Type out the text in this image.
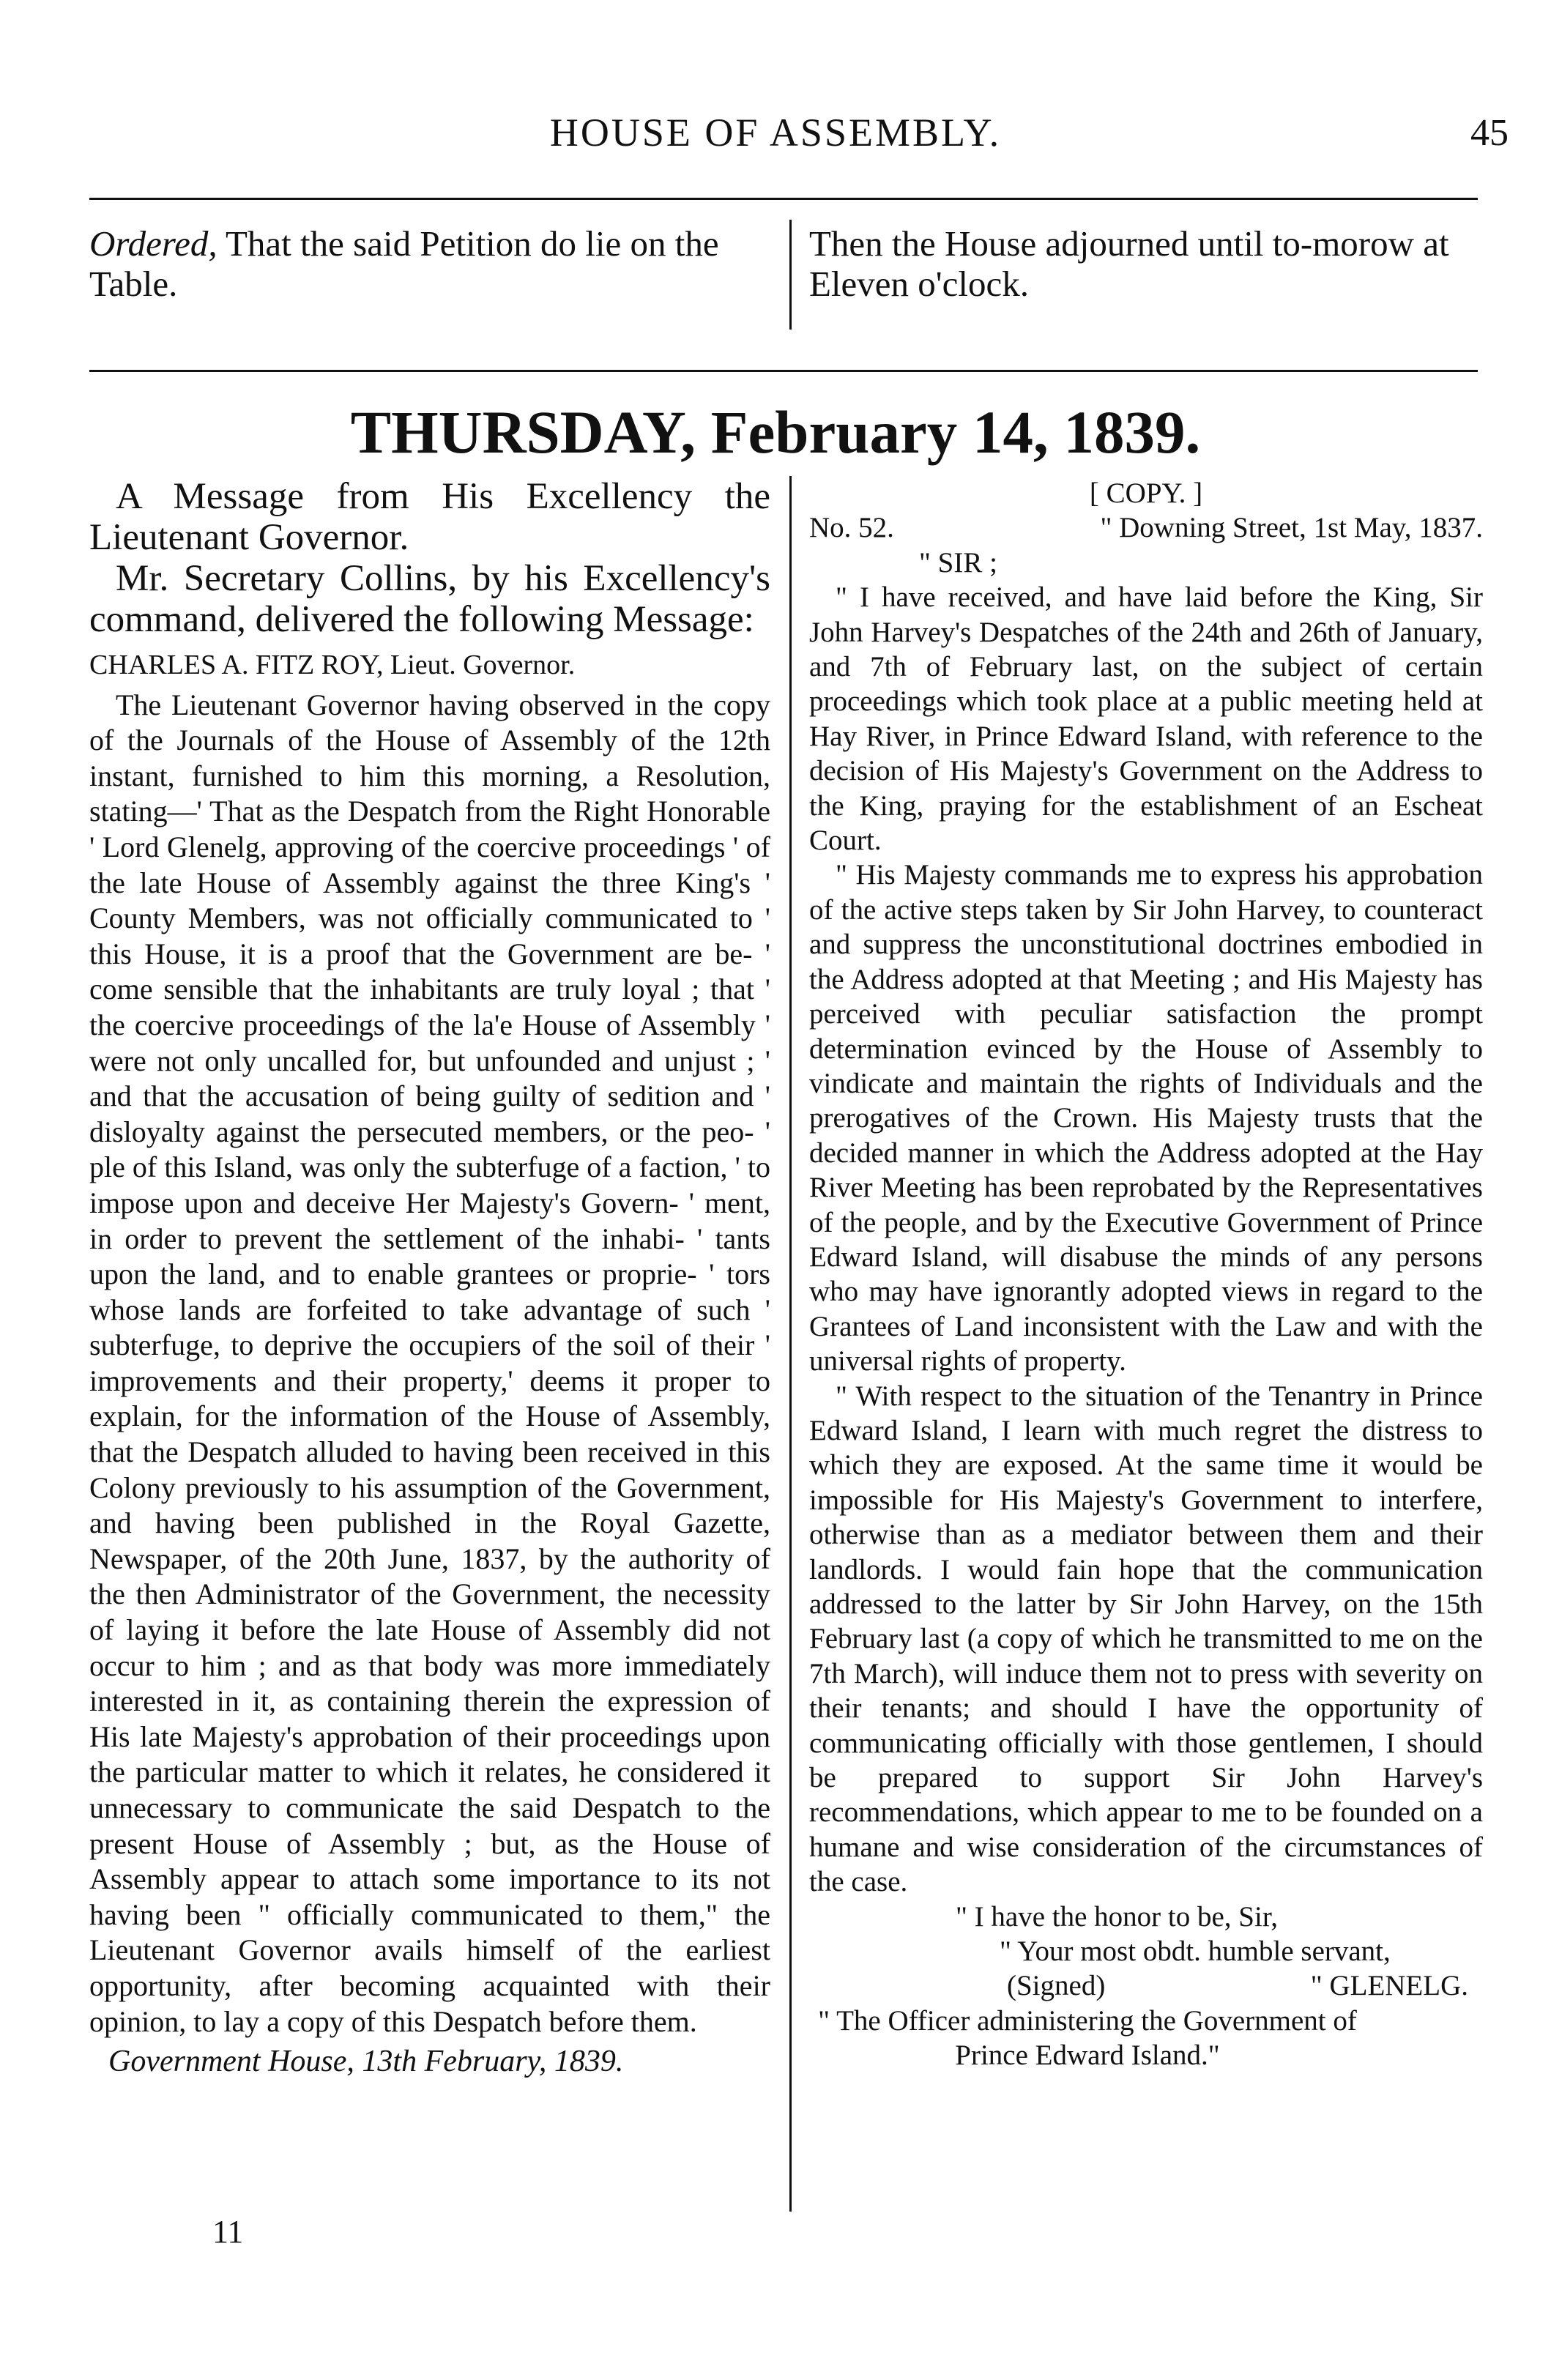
HOUSE OF ASSEMBLY.	45
Ordered, That the said Petition do lie on the Table.
Then the House adjourned until to-morow at Eleven o'clock.
THURSDAY, February 14, 1839.

A Message from His Excellency the Lieutenant Governor.

Mr. Secretary Collins, by his Excellency's command, delivered the following Message:

CHARLES A. FITZ ROY, Lieut. Governor.

The Lieutenant Governor having observed in the copy of the Journals of the House of Assembly of the 12th instant, furnished to him this morning, a Resolution, stating—' That as the Despatch from the Right Honorable ' Lord Glenelg, approving of the coercive proceedings ' of the late House of Assembly against the three King's ' County Members, was not officially communicated to ' this House, it is a proof that the Government are be- ' come sensible that the inhabitants are truly loyal ; that ' the coercive proceedings of the la'e House of Assembly ' were not only uncalled for, but unfounded and unjust ; ' and that the accusation of being guilty of sedition and ' disloyalty against the persecuted members, or the peo- ' ple of this Island, was only the subterfuge of a faction, ' to impose upon and deceive Her Majesty's Govern- ' ment, in order to prevent the settlement of the inhabi- ' tants upon the land, and to enable grantees or proprie- ' tors whose lands are forfeited to take advantage of such ' subterfuge, to deprive the occupiers of the soil of their ' improvements and their property,' deems it proper to explain, for the information of the House of Assembly, that the Despatch alluded to having been received in this Colony previously to his assumption of the Government, and having been published in the Royal Gazette, Newspaper, of the 20th June, 1837, by the authority of the then Administrator of the Government, the necessity of laying it before the late House of Assembly did not occur to him ; and as that body was more immediately interested in it, as containing therein the expression of His late Majesty's approbation of their proceedings upon the particular matter to which it relates, he considered it unnecessary to communicate the said Despatch to the present House of Assembly ; but, as the House of Assembly appear to attach some importance to its not having been " officially communicated to them," the Lieutenant Governor avails himself of the earliest opportunity, after becoming acquainted with their opinion, to lay a copy of this Despatch before them.

Government House, 13th February, 1839.

11

[ COPY. ]

No. 52.	" Downing Street, 1st May, 1837.

" SIR ;

" I have received, and have laid before the King, Sir John Harvey's Despatches of the 24th and 26th of January, and 7th of February last, on the subject of certain proceedings which took place at a public meeting held at Hay River, in Prince Edward Island, with reference to the decision of His Majesty's Government on the Address to the King, praying for the establishment of an Escheat Court.

" His Majesty commands me to express his approbation of the active steps taken by Sir John Harvey, to counteract and suppress the unconstitutional doctrines embodied in the Address adopted at that Meeting ; and His Majesty has perceived with peculiar satisfaction the prompt determination evinced by the House of Assembly to vindicate and maintain the rights of Individuals and the prerogatives of the Crown. His Majesty trusts that the decided manner in which the Address adopted at the Hay River Meeting has been reprobated by the Representatives of the people, and by the Executive Government of Prince Edward Island, will disabuse the minds of any persons who may have ignorantly adopted views in regard to the Grantees of Land inconsistent with the Law and with the universal rights of property.

" With respect to the situation of the Tenantry in Prince Edward Island, I learn with much regret the distress to which they are exposed. At the same time it would be impossible for His Majesty's Government to interfere, otherwise than as a mediator between them and their landlords. I would fain hope that the communication addressed to the latter by Sir John Harvey, on the 15th February last (a copy of which he transmitted to me on the 7th March), will induce them not to press with severity on their tenants; and should I have the opportunity of communicating officially with those gentlemen, I should be prepared to support Sir John Harvey's recommendations, which appear to me to be founded on a humane and wise consideration of the circumstances of the case.

" I have the honor to be, Sir,

" Your most obdt. humble servant,

(Signed)	" GLENELG.

" The Officer administering the Government of Prince Edward Island."
